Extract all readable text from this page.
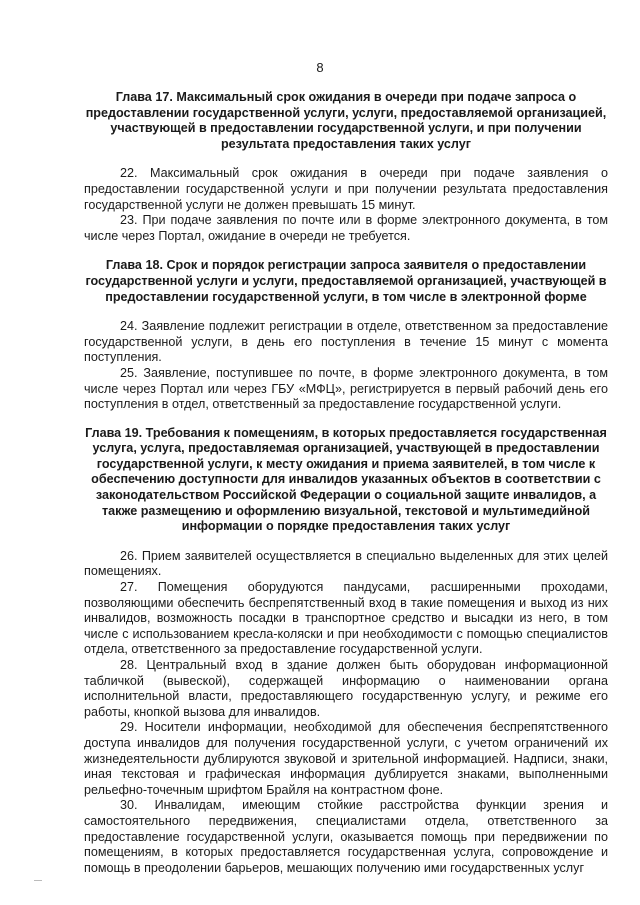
8
Глава 17. Максимальный срок ожидания в очереди при подаче запроса о предоставлении государственной услуги, услуги, предоставляемой организацией, участвующей в предоставлении государственной услуги, и при получении результата предоставления таких услуг

22. Максимальный срок ожидания в очереди при подаче заявления о предоставлении государственной услуги и при получении результата предоставления государственной услуги не должен превышать 15 минут.

23. При подаче заявления по почте или в форме электронного документа, в том числе через Портал, ожидание в очереди не требуется.

Глава 18. Срок и порядок регистрации запроса заявителя о предоставлении государственной услуги и услуги, предоставляемой организацией, участвующей в предоставлении государственной услуги, в том числе в электронной форме

24. Заявление подлежит регистрации в отделе, ответственном за предоставление государственной услуги, в день его поступления в течение 15 минут с момента поступления.

25. Заявление, поступившее по почте, в форме электронного документа, в том числе через Портал или через ГБУ «МФЦ», регистрируется в первый рабочий день его поступления в отдел, ответственный за предоставление государственной услуги.

Глава 19. Требования к помещениям, в которых предоставляется государственная услуга, услуга, предоставляемая организацией, участвующей в предоставлении государственной услуги, к месту ожидания и приема заявителей, в том числе к обеспечению доступности для инвалидов указанных объектов в соответствии с законодательством Российской Федерации о социальной защите инвалидов, а также размещению и оформлению визуальной, текстовой и мультимедийной информации о порядке предоставления таких услуг

26. Прием заявителей осуществляется в специально выделенных для этих целей помещениях.

27. Помещения оборудуются пандусами, расширенными проходами, позволяющими обеспечить беспрепятственный вход в такие помещения и выход из них инвалидов, возможность посадки в транспортное средство и высадки из него, в том числе с использованием кресла-коляски и при необходимости с помощью специалистов отдела, ответственного за предоставление государственной услуги.

28. Центральный вход в здание должен быть оборудован информационной табличкой (вывеской), содержащей информацию о наименовании органа исполнительной власти, предоставляющего государственную услугу, и режиме его работы, кнопкой вызова для инвалидов.

29. Носители информации, необходимой для обеспечения беспрепятственного доступа инвалидов для получения государственной услуги, с учетом ограничений их жизнедеятельности дублируются звуковой и зрительной информацией. Надписи, знаки, иная текстовая и графическая информация дублируется знаками, выполненными рельефно-точечным шрифтом Брайля на контрастном фоне.

30. Инвалидам, имеющим стойкие расстройства функции зрения и самостоятельного передвижения, специалистами отдела, ответственного за предоставление государственной услуги, оказывается помощь при передвижении по помещениям, в которых предоставляется государственная услуга, сопровождение и помощь в преодолении барьеров, мешающих получению ими государственных услуг
